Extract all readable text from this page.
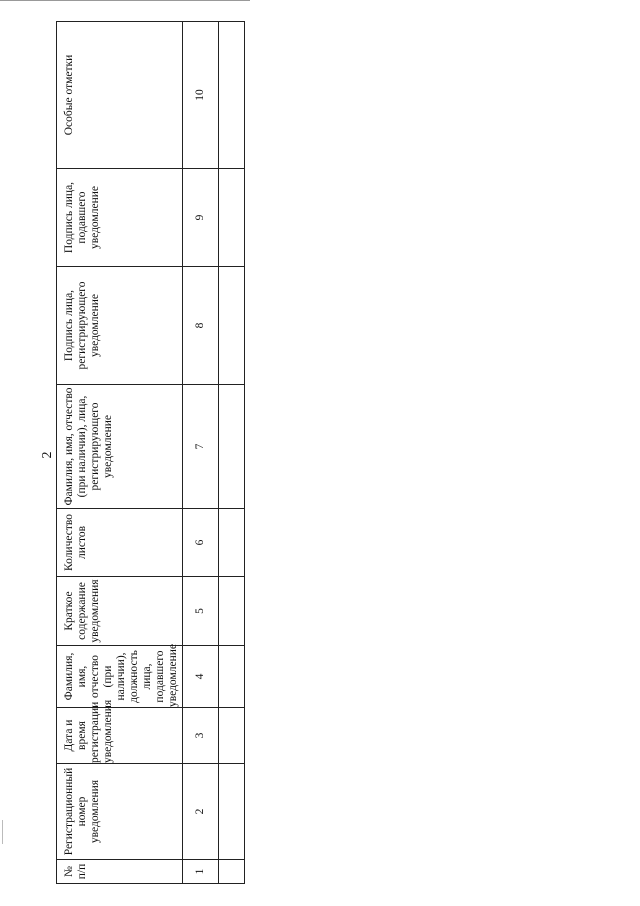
2
№ п/п	Регистрационный номер уведомления	Дата и время регистрации уведомления	Фамилия, имя, отчество (при наличии), должность лица, подавшего уведомление	Краткое содержание уведомления	Количество листов	Фамилия, имя, отчество (при наличии), лица, регистрирующего уведомление	Подпись лица, регистрирующего уведомление	Подпись лица, подавшего уведомление	Особые отметки
1	2	3	4	5	6	7	8	9	10
